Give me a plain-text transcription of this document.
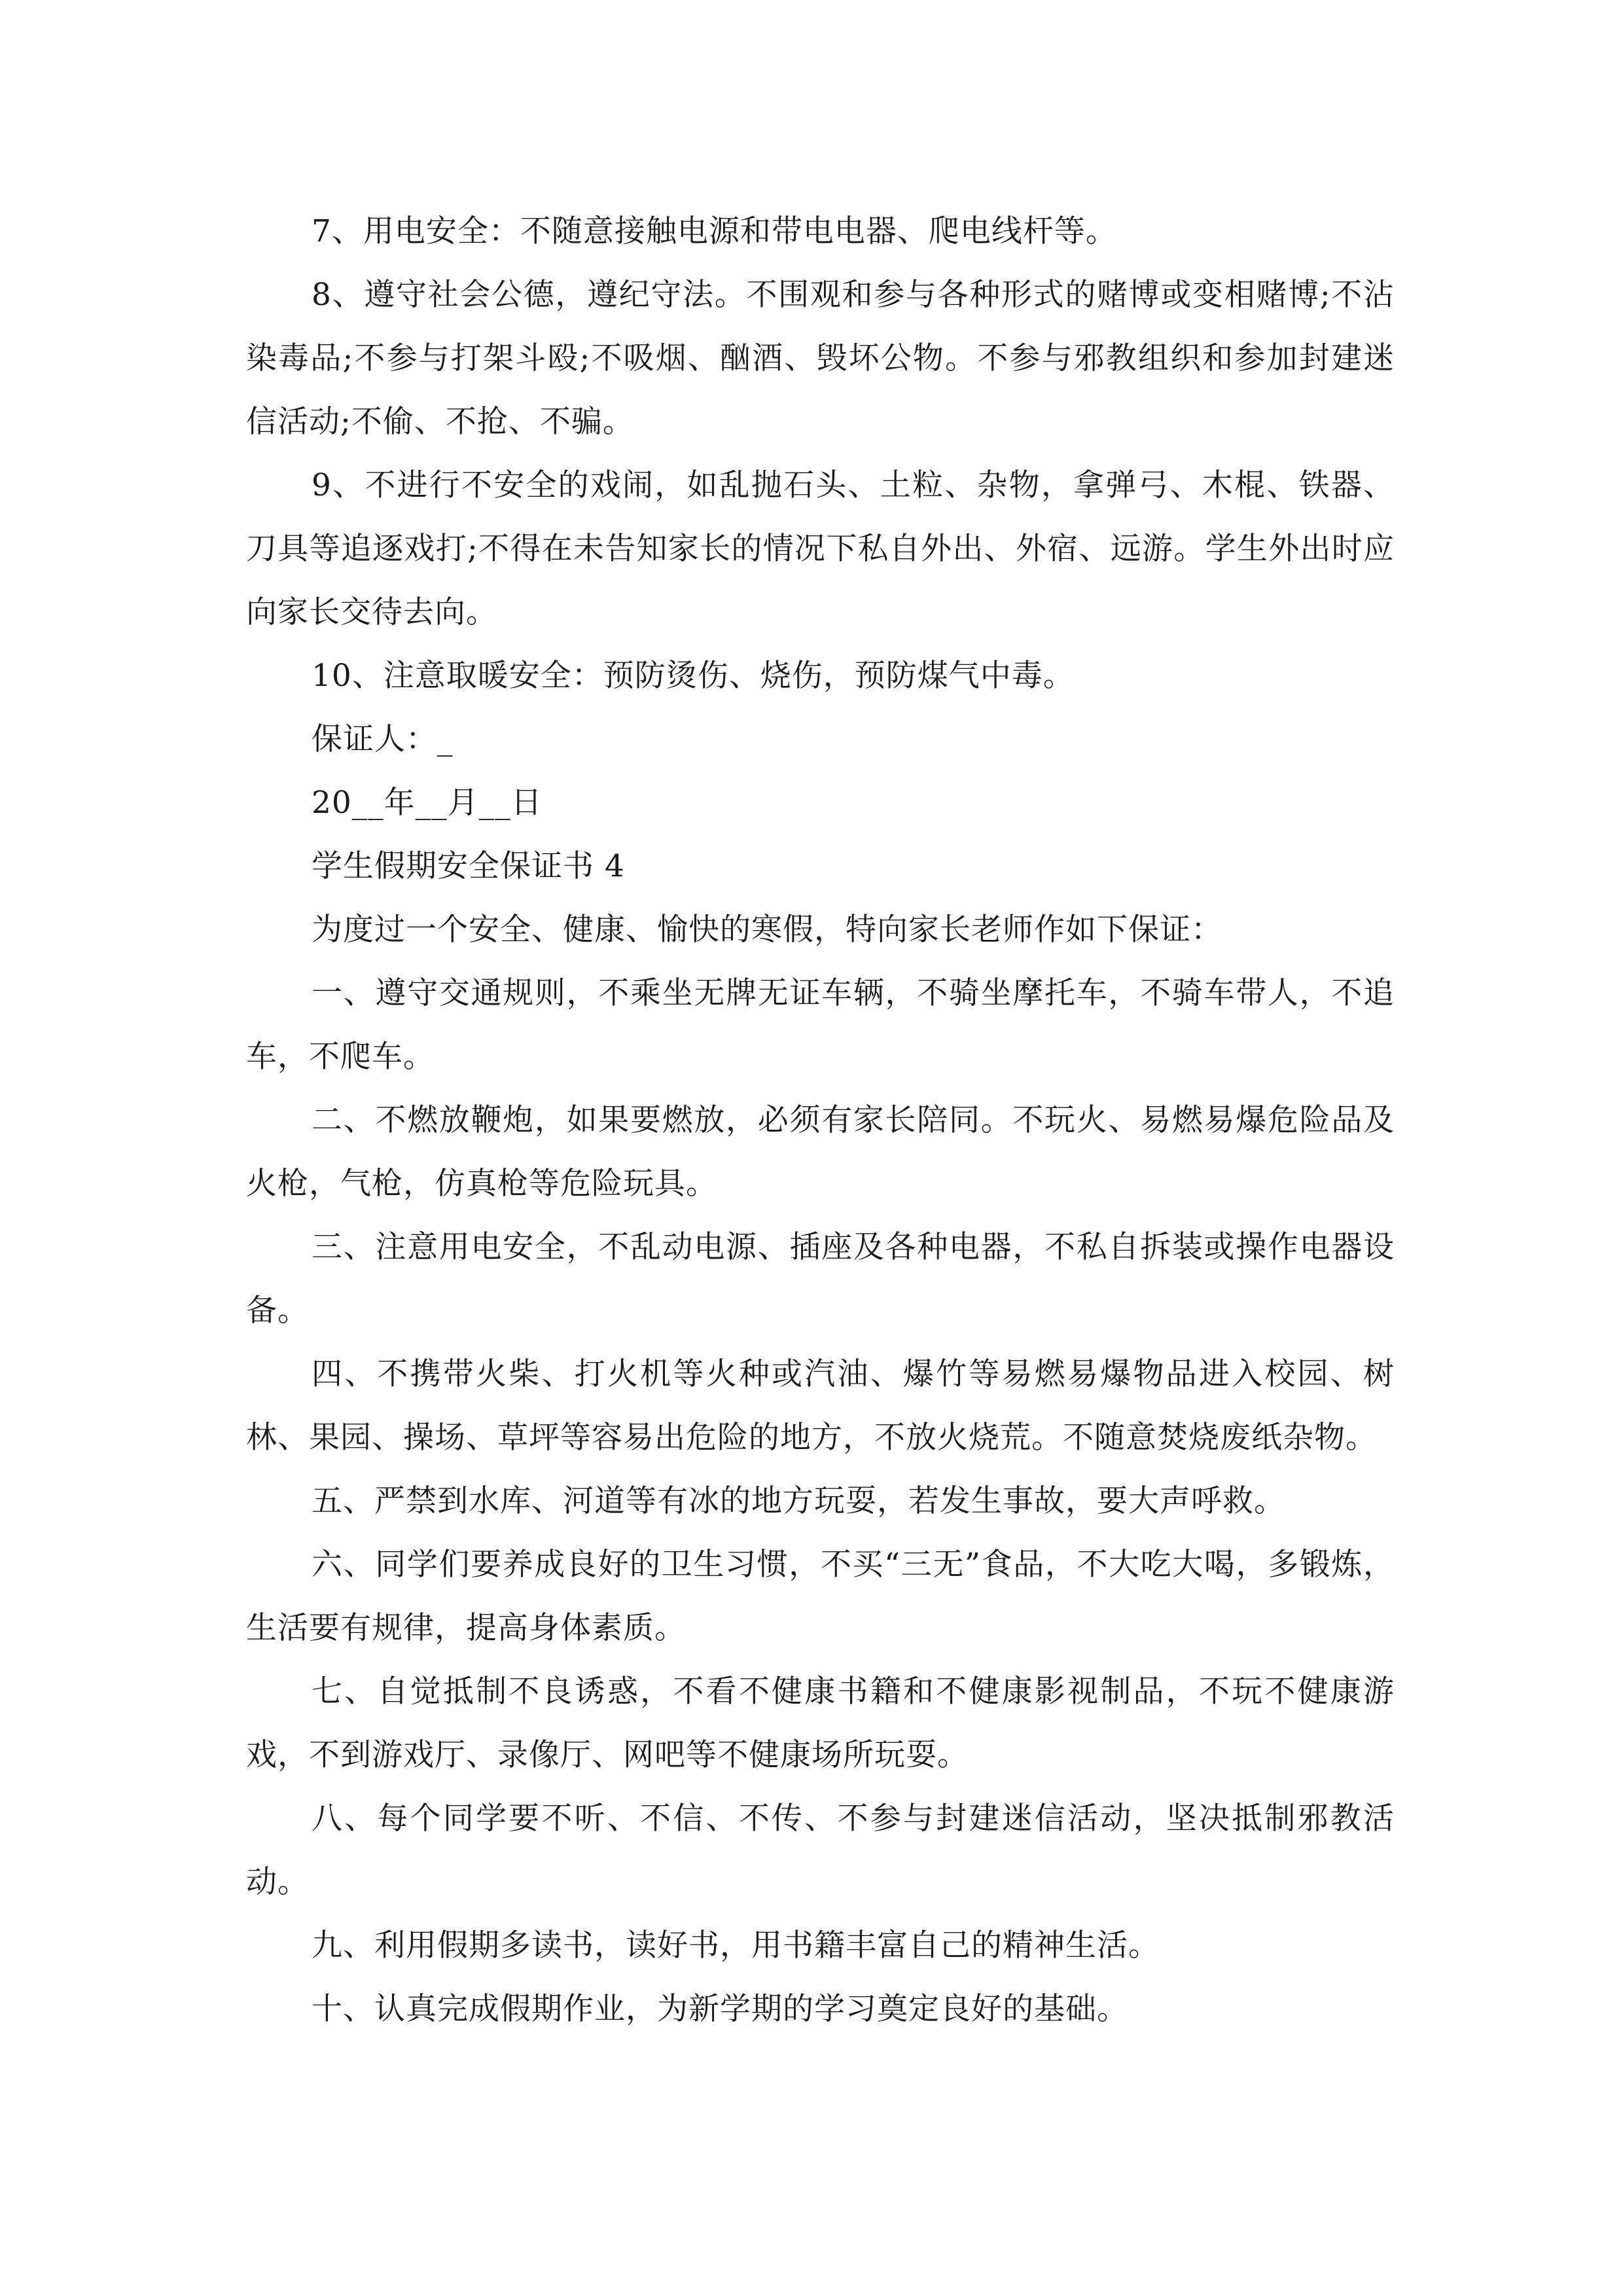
7、用电安全：不随意接触电源和带电电器、爬电线杆等。

8、遵守社会公德，遵纪守法。不围观和参与各种形式的赌博或变相赌博;不沾染毒品;不参与打架斗殴;不吸烟、酗酒、毁坏公物。不参与邪教组织和参加封建迷信活动;不偷、不抢、不骗。

9、不进行不安全的戏闹，如乱抛石头、土粒、杂物，拿弹弓、木棍、铁器、刀具等追逐戏打;不得在未告知家长的情况下私自外出、外宿、远游。学生外出时应向家长交待去向。

10、注意取暖安全：预防烫伤、烧伤，预防煤气中毒。

保证人：_

20__年__月__日

学生假期安全保证书 4

为度过一个安全、健康、愉快的寒假，特向家长老师作如下保证：

一、遵守交通规则，不乘坐无牌无证车辆，不骑坐摩托车，不骑车带人，不追车，不爬车。

二、不燃放鞭炮，如果要燃放，必须有家长陪同。不玩火、易燃易爆危险品及火枪，气枪，仿真枪等危险玩具。

三、注意用电安全，不乱动电源、插座及各种电器，不私自拆装或操作电器设备。

四、不携带火柴、打火机等火种或汽油、爆竹等易燃易爆物品进入校园、树林、果园、操场、草坪等容易出危险的地方，不放火烧荒。不随意焚烧废纸杂物。

五、严禁到水库、河道等有冰的地方玩耍，若发生事故，要大声呼救。

六、同学们要养成良好的卫生习惯，不买“三无”食品，不大吃大喝，多锻炼，生活要有规律，提高身体素质。

七、自觉抵制不良诱惑，不看不健康书籍和不健康影视制品，不玩不健康游戏，不到游戏厅、录像厅、网吧等不健康场所玩耍。

八、每个同学要不听、不信、不传、不参与封建迷信活动，坚决抵制邪教活动。

九、利用假期多读书，读好书，用书籍丰富自己的精神生活。

十、认真完成假期作业，为新学期的学习奠定良好的基础。
